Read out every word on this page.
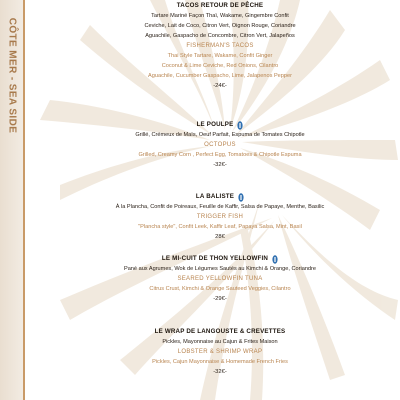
CÔTE MER - SEA SIDE
TACOS RETOUR DE PÊCHE
Tartare Mariné Façon Thaï, Wakame, Gingembre Confit
Ceviche, Lait de Coco, Citron Vert, Oignon Rouge, Coriandre
Aguachile, Gaspacho de Concombre, Citron Vert, Jalapeños
FISHERMAN'S TACOS
Thai Style Tartare, Wakame, Confit Ginger
Coconut & Lime Ceviche, Red Onions, Cilantro
Aguachile, Cucumber Gaspacho, Lime, Jalapenos Pepper
-24€-
LE POULPE
Grillé, Crémeux de Maïs, Oeuf Parfait, Espuma de Tomates Chipotle
OCTOPUS
Grilled, Creamy Corn , Perfect Egg, Tomatoes & Chipotle Espuma
-32€-
LA BALISTE
À la Plancha, Confit de Poireaux, Feuille de Kaffir, Salsa de Papaye, Menthe, Basilic
TRIGGER FISH
"Plancha style", Confit Leek, Kaffir Leaf, Papaya Salsa, Mint, Basil
28€
LE MI-CUIT DE THON YELLOWFIN
Pané aux Agrumes, Wok de Légumes Sautés au Kimchi & Orange, Coriandre
SEARED YELLOWFIN TUNA
Citrus Crust, Kimchi & Orange Sauteed Veggies, Cilantro
-29€-
LE WRAP DE LANGOUSTE & CREVETTES
Pickles, Mayonnaise au Cajun & Frites Maison
LOBSTER & SHRIMP WRAP
Pickles, Cajun Mayonnaise & Homemade French Fries
-32€-
